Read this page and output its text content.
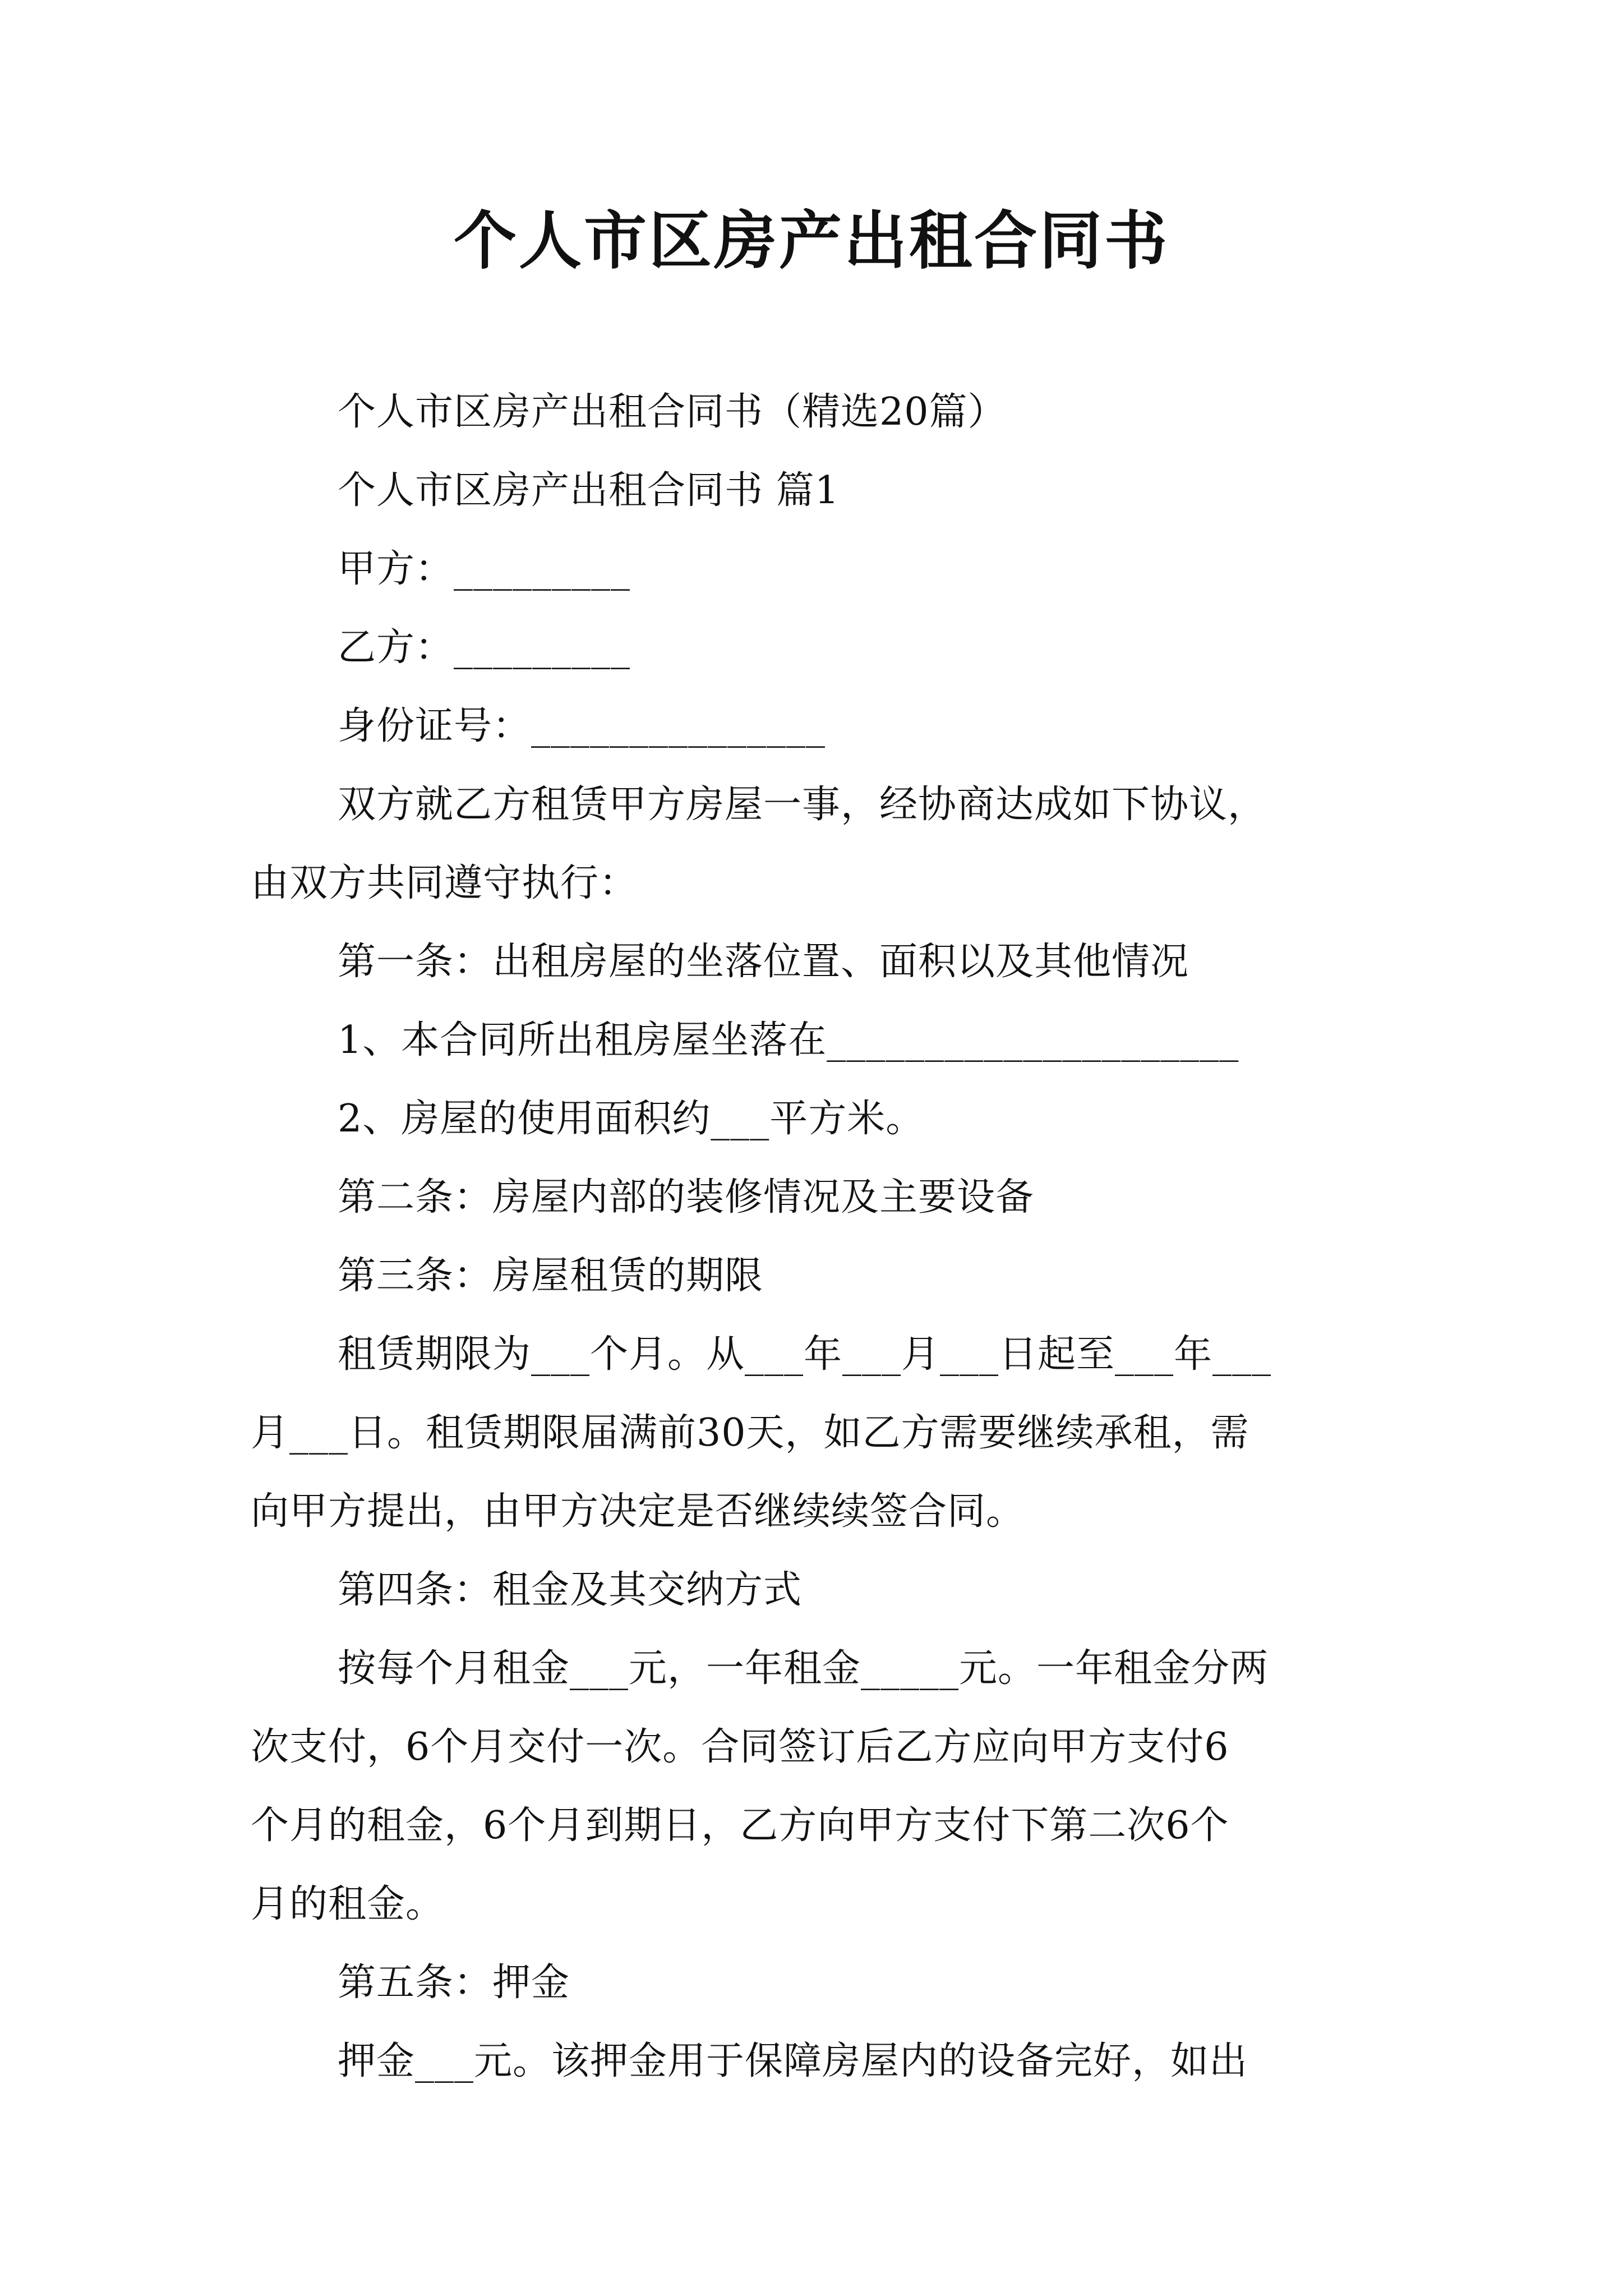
个人市区房产出租合同书
个人市区房产出租合同书（精选20篇）
个人市区房产出租合同书 篇1
甲方：_________
乙方：_________
身份证号：_______________
双方就乙方租赁甲方房屋一事，经协商达成如下协议，
由双方共同遵守执行：
第一条：出租房屋的坐落位置、面积以及其他情况
1、本合同所出租房屋坐落在_____________________
2、房屋的使用面积约___平方米。
第二条：房屋内部的装修情况及主要设备
第三条：房屋租赁的期限
租赁期限为___个月。从___年___月___日起至___年___
月___日。租赁期限届满前30天，如乙方需要继续承租，需
向甲方提出，由甲方决定是否继续续签合同。
第四条：租金及其交纳方式
按每个月租金___元，一年租金_____元。一年租金分两
次支付，6个月交付一次。合同签订后乙方应向甲方支付6
个月的租金，6个月到期日，乙方向甲方支付下第二次6个
月的租金。
第五条：押金
押金___元。该押金用于保障房屋内的设备完好，如出
